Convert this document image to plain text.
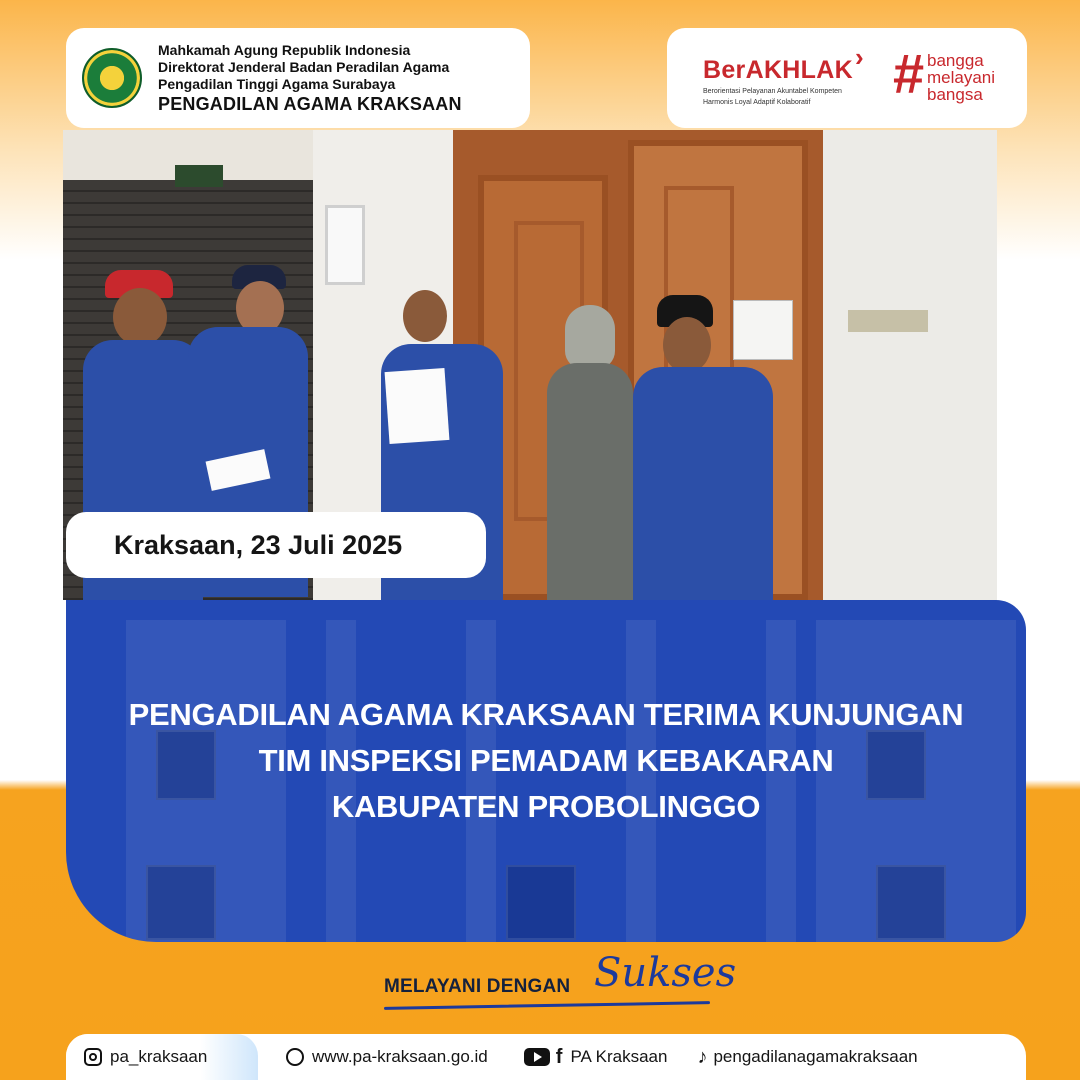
Mahkamah Agung Republik Indonesia
Direktorat Jenderal Badan Peradilan Agama
Pengadilan Tinggi Agama Surabaya
PENGADILAN AGAMA KRAKSAAN
BerAKHLAK ›
Berorientasi Pelayanan Akuntabel Kompeten
Harmonis Loyal Adaptif Kolaboratif	# bangga
melayani
bangsa
Kraksaan, 23 Juli 2025
PENGADILAN AGAMA KRAKSAAN TERIMA KUNJUNGAN
TIM INSPEKSI PEMADAM KEBAKARAN
KABUPATEN PROBOLINGGO
MELAYANI DENGAN Sukses
pa_kraksaan	www.pa-kraksaan.go.id	f PA Kraksaan ♪ pengadilanagamakraksaan
